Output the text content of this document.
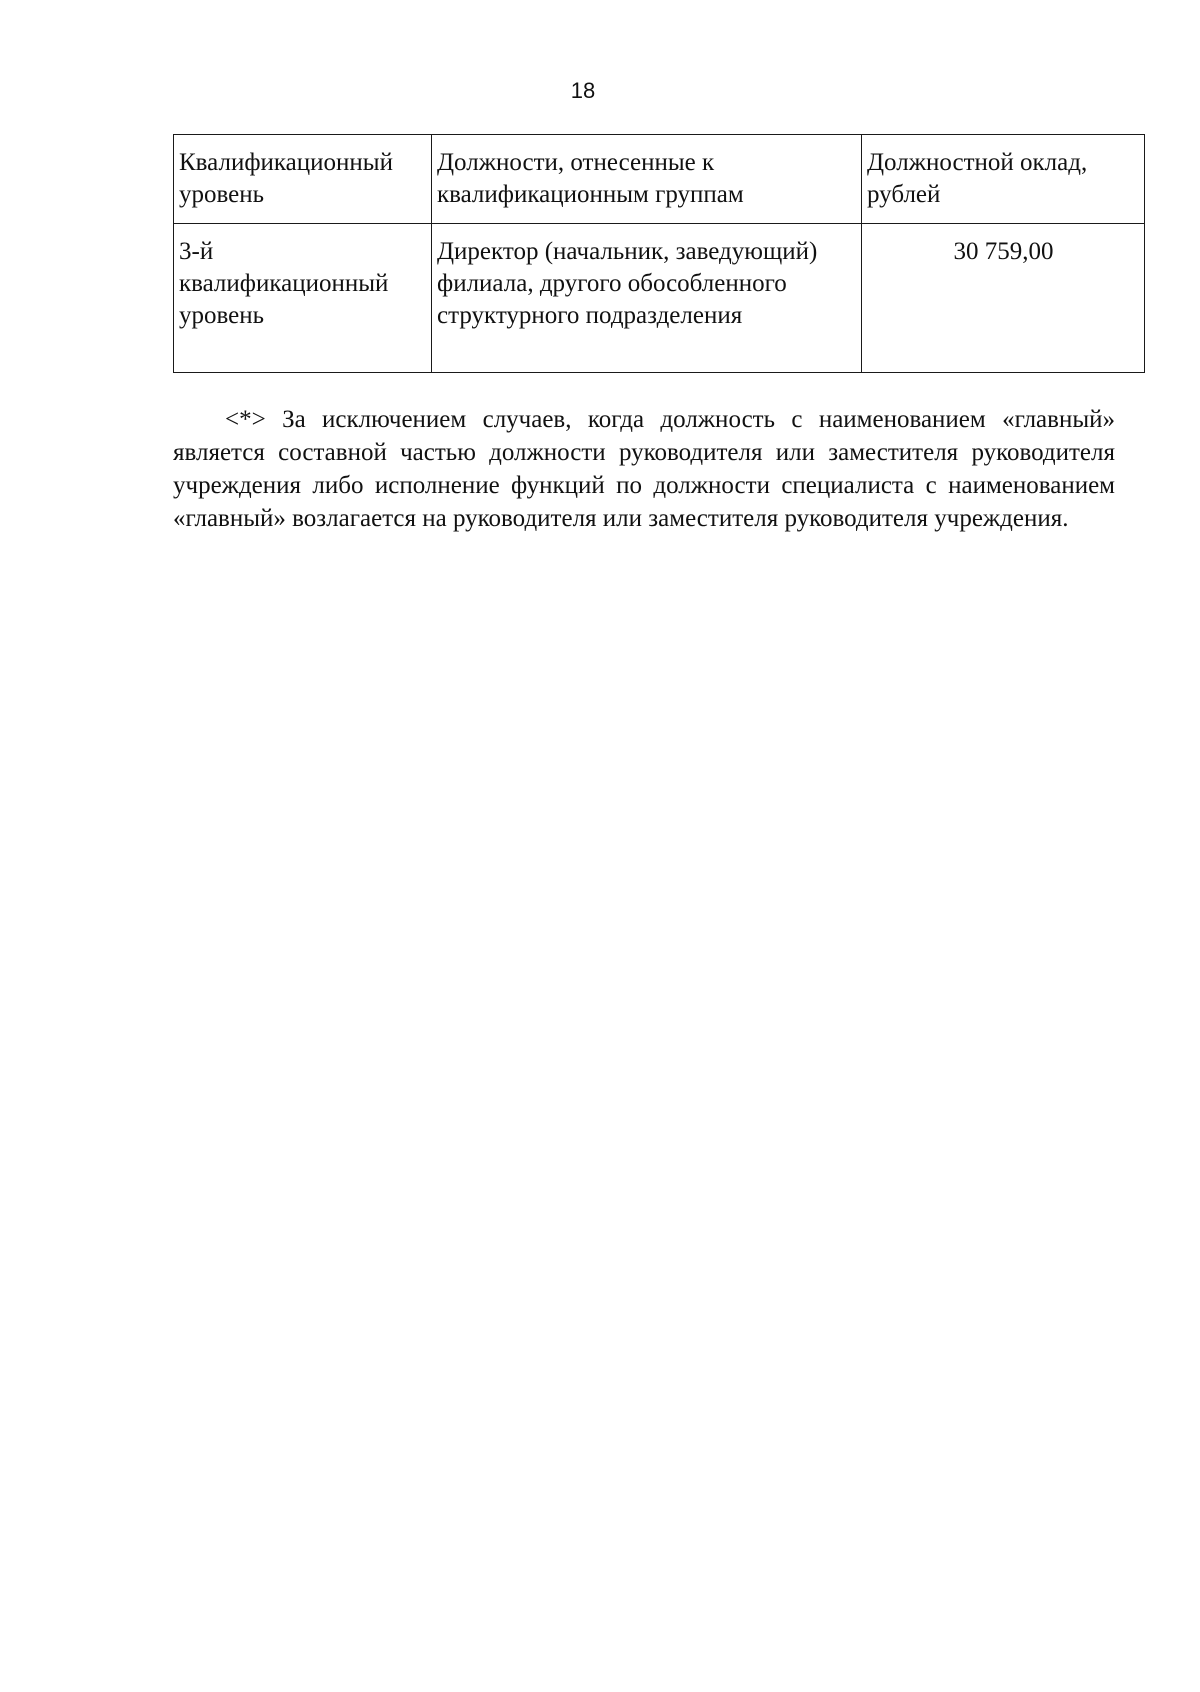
18
Квалификационный уровень	Должности, отнесенные к квалификационным группам	Должностной оклад, рублей

3-й квалификационный уровень	Директор (начальник, заведующий) филиала, другого обособленного структурного подразделения	30 759,00

<*> За исключением случаев, когда должность с наименованием «главный» является составной частью должности руководителя или заместителя руководителя учреждения либо исполнение функций по должности специалиста с наименованием «главный» возлагается на руководителя или заместителя руководителя учреждения.
